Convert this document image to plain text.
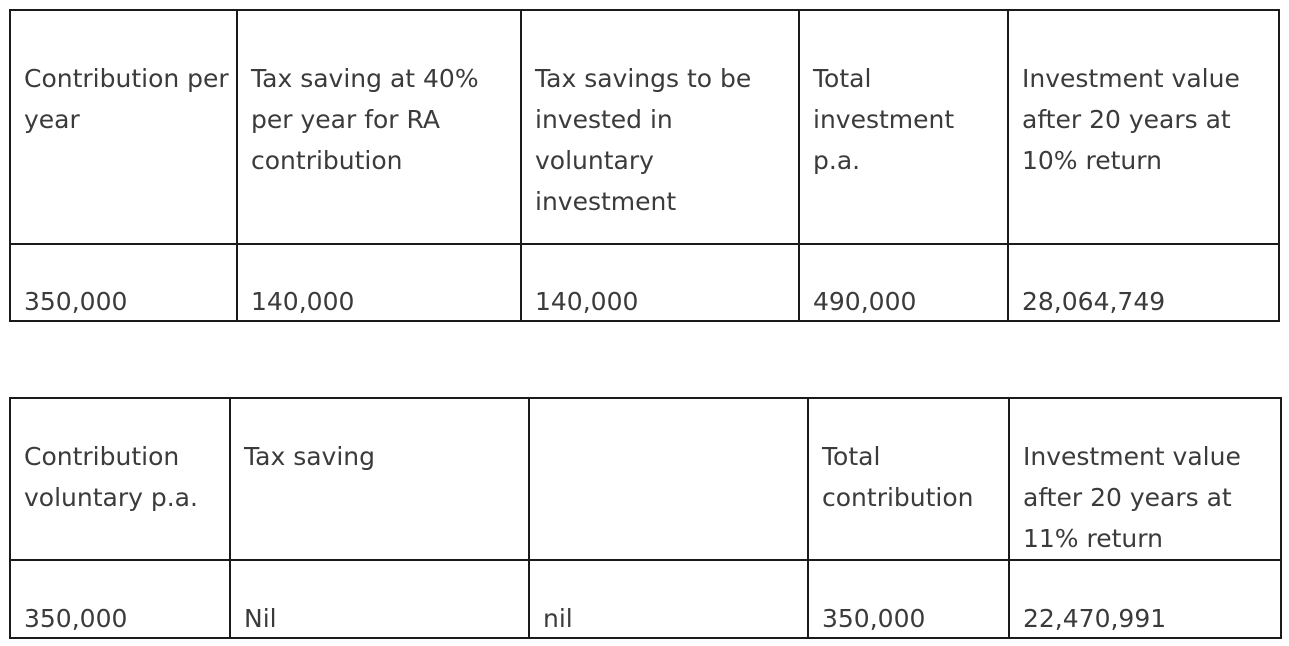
Contribution per year	Tax saving at 40% per year for RA contribution	Tax savings to be invested in voluntary investment	Total investment p.a.	Investment value after 20 years at 10% return
350,000	140,000	140,000	490,000	28,064,749
Contribution voluntary p.a.	Tax saving		Total contribution	Investment value after 20 years at 11% return
350,000	Nil	nil	350,000	22,470,991
